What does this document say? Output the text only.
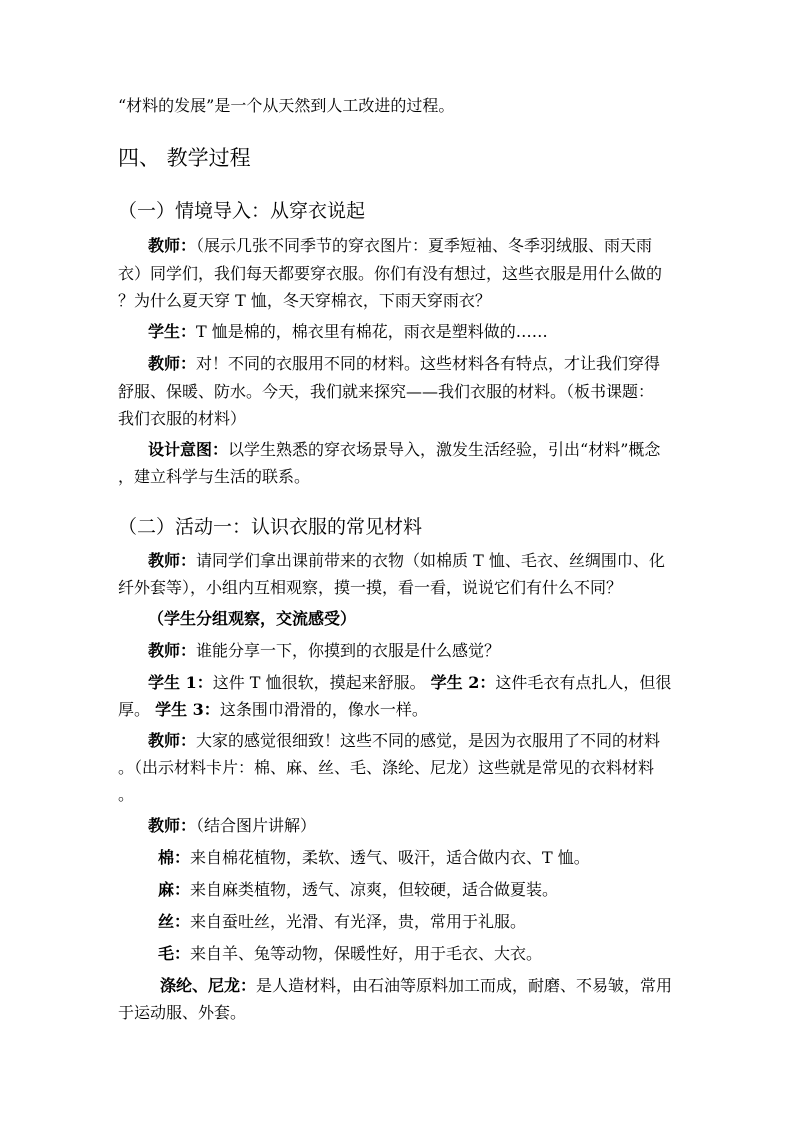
“材料的发展”是一个从天然到人工改进的过程。
四、 教学过程
（一）情境导入：从穿衣说起
教师：（展示几张不同季节的穿衣图片：夏季短袖、冬季羽绒服、雨天雨
衣）同学们，我们每天都要穿衣服。你们有没有想过，这些衣服是用什么做的
？为什么夏天穿 T 恤，冬天穿棉衣，下雨天穿雨衣？
学生：T 恤是棉的，棉衣里有棉花，雨衣是塑料做的……
教师：对！不同的衣服用不同的材料。这些材料各有特点，才让我们穿得
舒服、保暖、防水。今天，我们就来探究——我们衣服的材料。（板书课题：
我们衣服的材料）
设计意图：以学生熟悉的穿衣场景导入，激发生活经验，引出“材料”概念
，建立科学与生活的联系。
（二）活动一：认识衣服的常见材料
教师：请同学们拿出课前带来的衣物（如棉质 T 恤、毛衣、丝绸围巾、化
纤外套等），小组内互相观察，摸一摸，看一看，说说它们有什么不同？
（学生分组观察，交流感受）
教师：谁能分享一下，你摸到的衣服是什么感觉？
学生 1：这件 T 恤很软，摸起来舒服。 学生 2：这件毛衣有点扎人，但很
厚。 学生 3：这条围巾滑滑的，像水一样。
教师：大家的感觉很细致！这些不同的感觉，是因为衣服用了不同的材料
。（出示材料卡片：棉、麻、丝、毛、涤纶、尼龙）这些就是常见的衣料材料
。
教师：（结合图片讲解）
棉：来自棉花植物，柔软、透气、吸汗，适合做内衣、T 恤。
麻：来自麻类植物，透气、凉爽，但较硬，适合做夏装。
丝：来自蚕吐丝，光滑、有光泽，贵，常用于礼服。
毛：来自羊、兔等动物，保暖性好，用于毛衣、大衣。
涤纶、尼龙：是人造材料，由石油等原料加工而成，耐磨、不易皱，常用
于运动服、外套。
